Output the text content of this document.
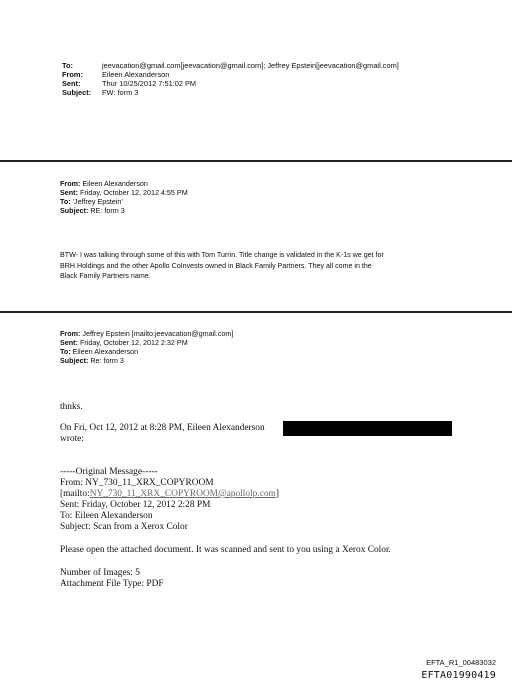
To:	jeevacation@gmail.com[jeevacation@gmail.com]; Jeffrey Epstein[jeevacation@gmail.com]
From:	Eileen Alexanderson
Sent:	Thur 10/25/2012 7:51:02 PM
Subject: FW: form 3
From: Eileen Alexanderson
Sent: Friday, October 12, 2012 4:55 PM
To: 'Jeffrey Epstein'
Subject: RE: form 3
BTW- I was talking through some of this with Tom Turrin. Title change is validated in the K-1s we get for
BRH Holdings and the other Apollo CoInvests owned in Black Family Partners. They all come in the
Black Family Partners name.
From: Jeffrey Epstein [mailto:jeevacation@gmail.com]
Sent: Friday, October 12, 2012 2:32 PM
To: Eileen Alexanderson
Subject: Re: form 3
thnks.
On Fri, Oct 12, 2012 at 8:28 PM, Eileen Alexanderson
wrote:
-----Original Message-----
From: NY_730_11_XRX_COPYROOM
[mailto:NY_730_11_XRX_COPYROOM@apollolp.com]
Sent: Friday, October 12, 2012 2:28 PM
To: Eileen Alexanderson
Subject: Scan from a Xerox Color
Please open the attached document. It was scanned and sent to you using a Xerox Color.
Number of Images: 5
Attachment File Type: PDF
EFTA_R1_00483032
EFTA01990419
